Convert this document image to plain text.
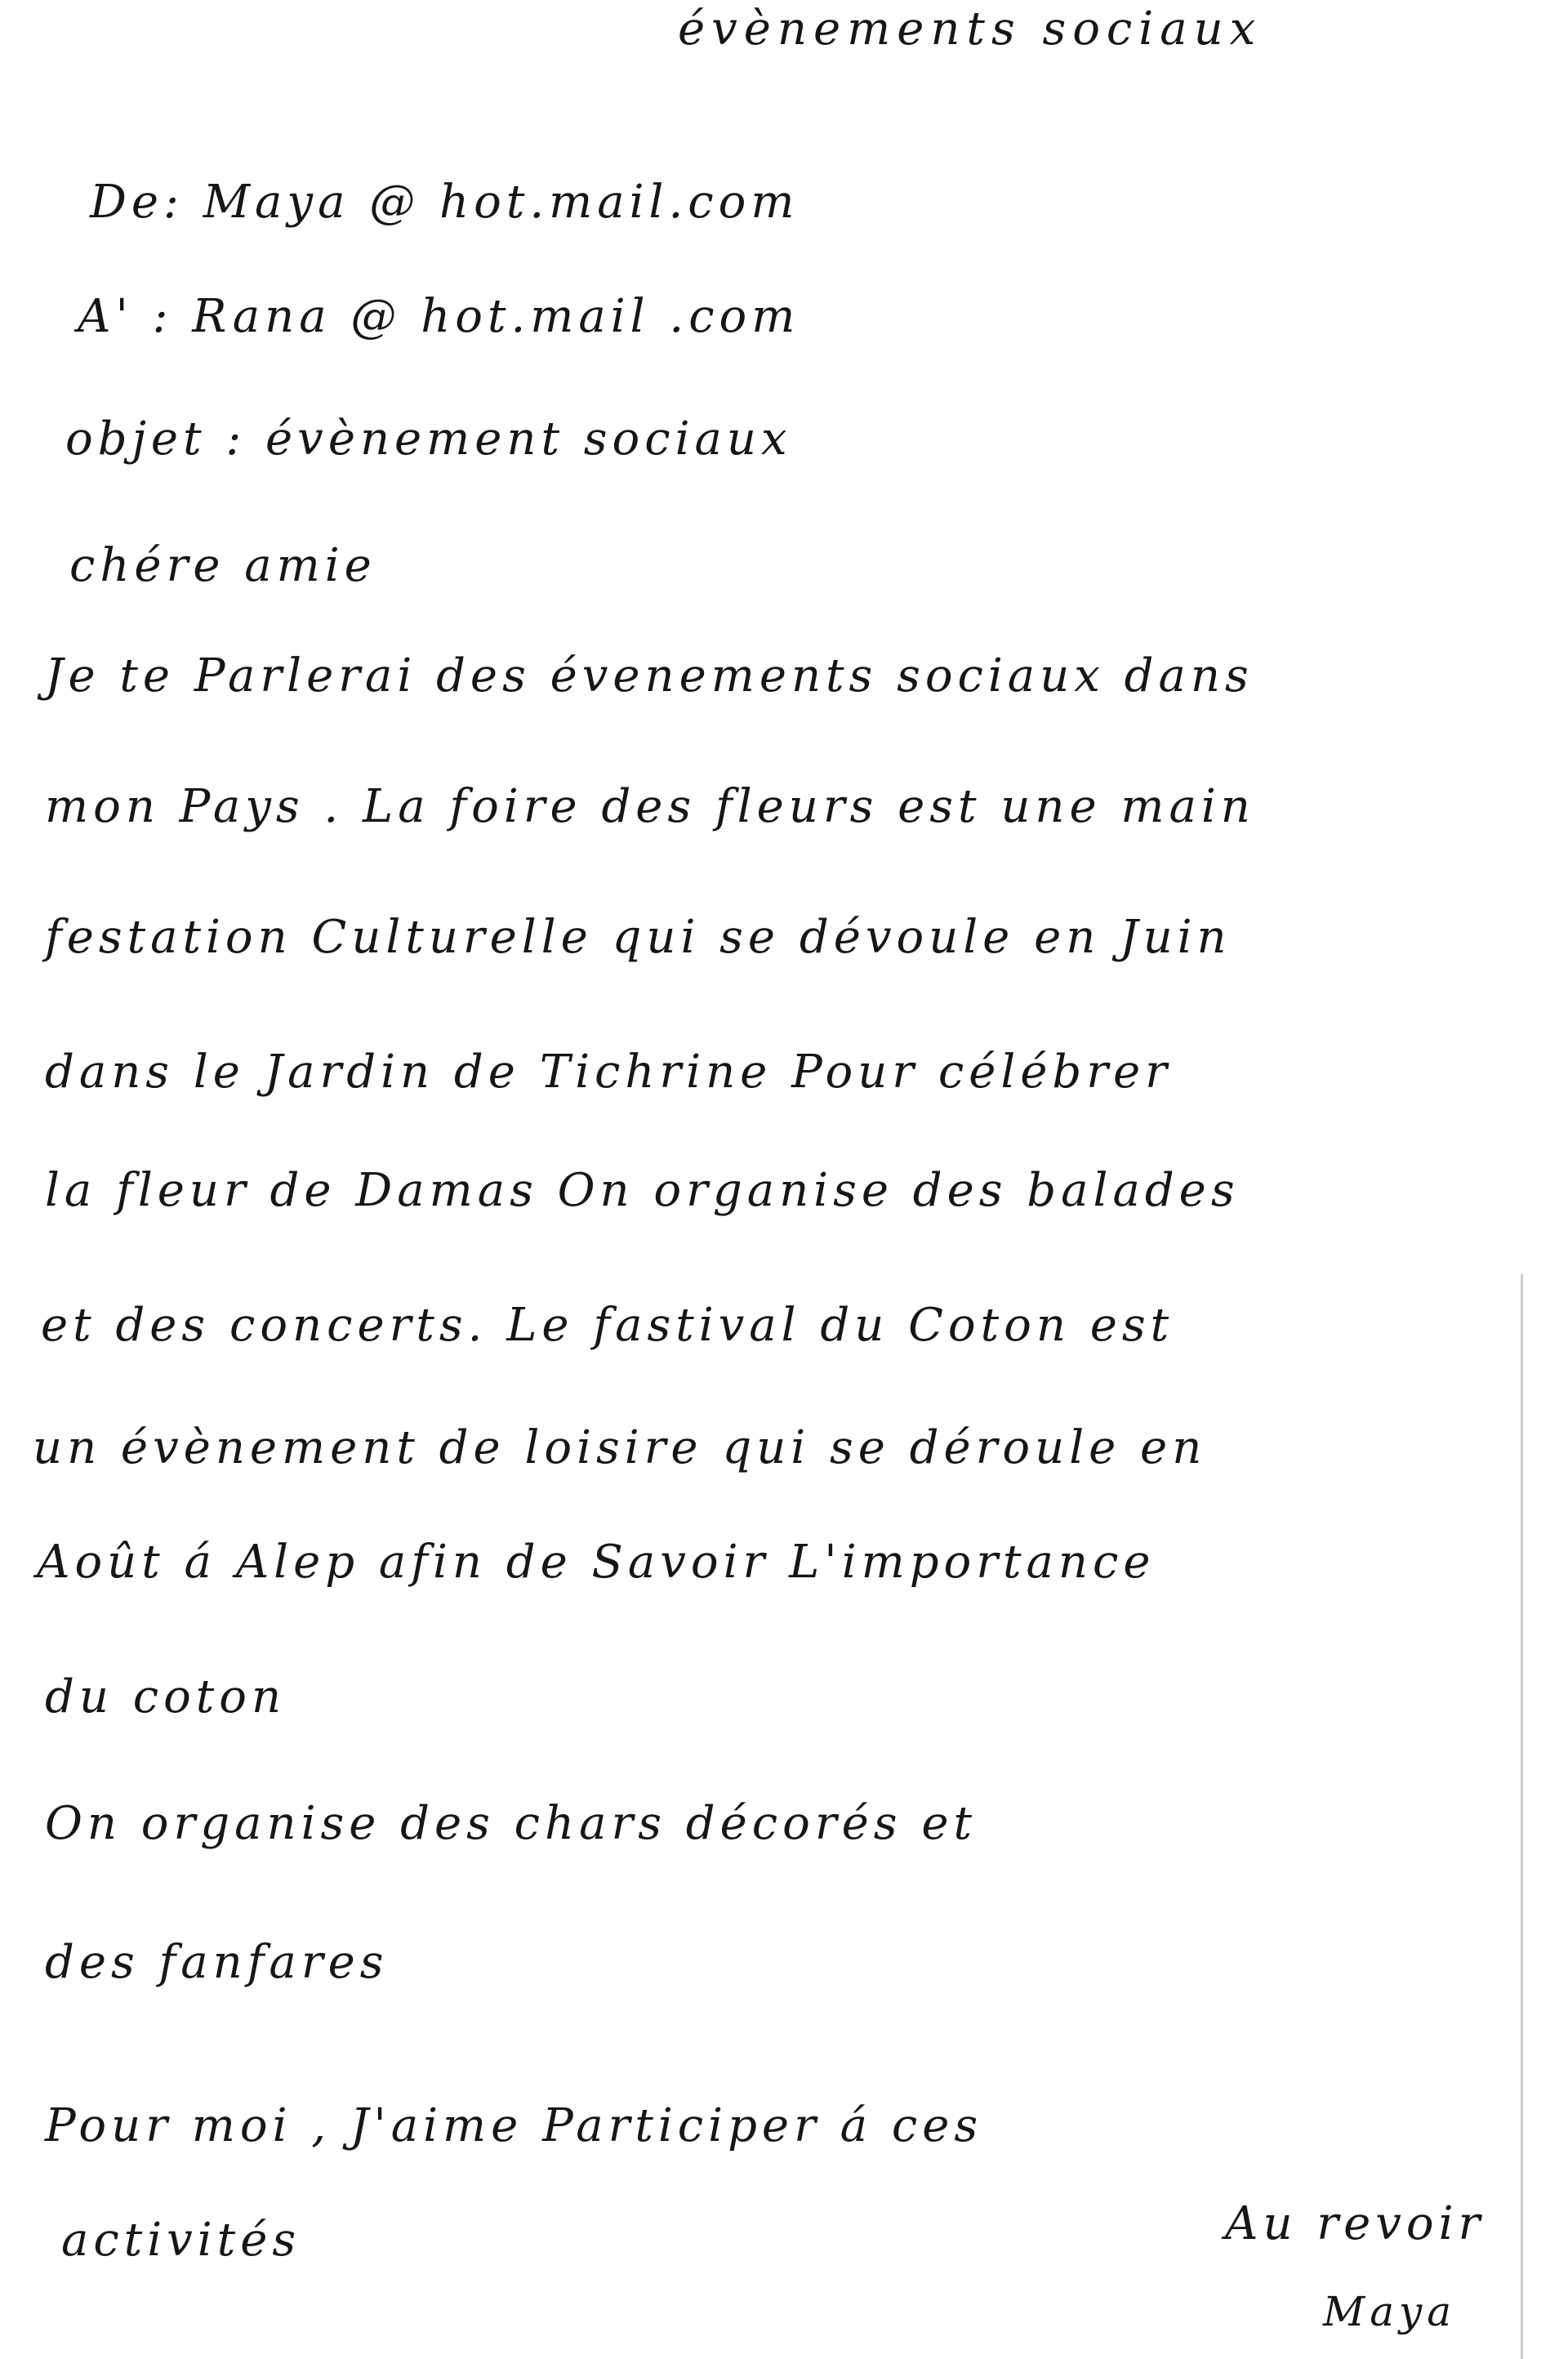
évènements sociaux
De: Maya @ hot.mail.com
A' : Rana @ hot.mail .com
objet : évènement sociaux
chére amie
Je te Parlerai des évenements sociaux dans
mon Pays . La foire des fleurs est une main
festation Culturelle qui se dévoule en Juin
dans le Jardin de Tichrine Pour célébrer
la fleur de Damas On organise des balades
et des concerts. Le fastival du Coton est
un évènement de loisire qui se déroule en
Août á Alep afin de Savoir L'importance
du coton
On organise des chars décorés et
des fanfares
Pour moi , J'aime Participer á ces
activités	Au revoir
Maya
